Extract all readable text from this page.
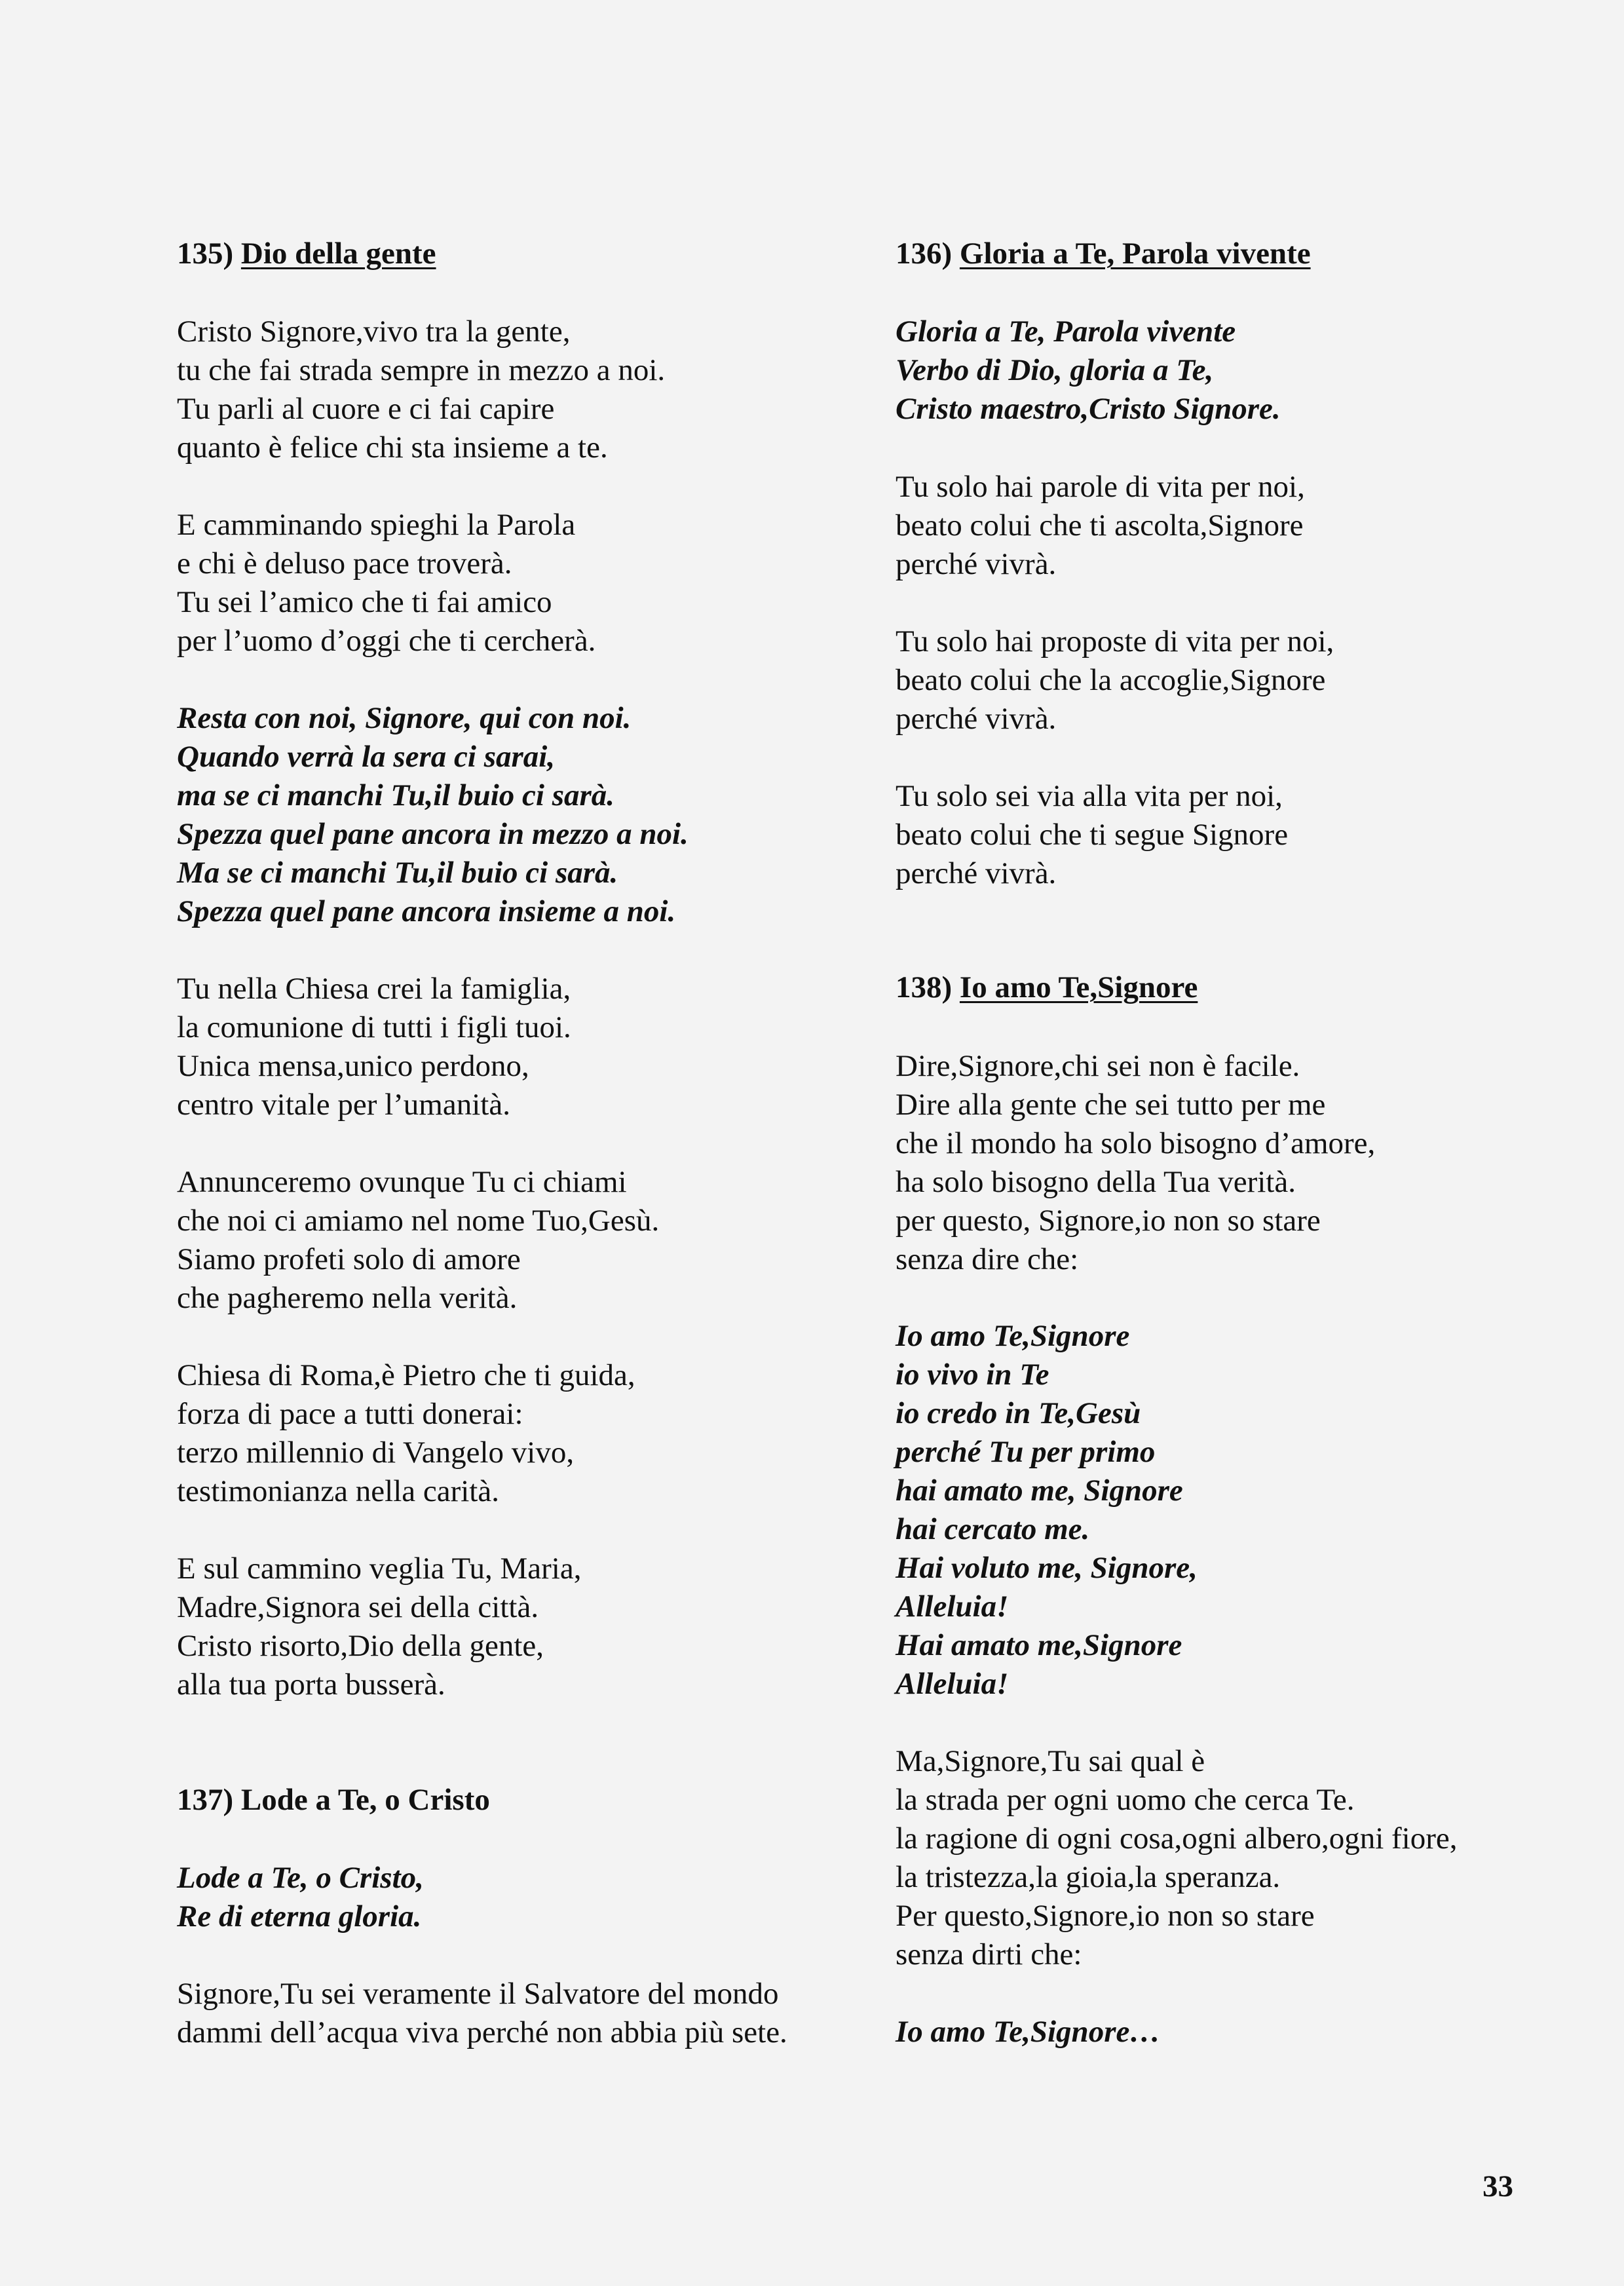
135) Dio della gente
Cristo Signore,vivo tra la gente,
tu che fai strada sempre in mezzo a noi.
Tu parli al cuore e ci fai capire
quanto è felice chi sta insieme a te.
E camminando spieghi la Parola
e chi è deluso pace troverà.
Tu sei l’amico che ti fai amico
per l’uomo d’oggi che ti cercherà.
Resta con noi, Signore, qui con noi.
Quando verrà la sera ci sarai,
ma se ci manchi Tu,il buio ci sarà.
Spezza quel pane ancora in mezzo a noi.
Ma se ci manchi Tu,il buio ci sarà.
Spezza quel pane ancora insieme a noi.
Tu nella Chiesa crei la famiglia,
la comunione di tutti i figli tuoi.
Unica mensa,unico perdono,
centro vitale per l’umanità.
Annunceremo ovunque Tu ci chiami
che noi ci amiamo nel nome Tuo,Gesù.
Siamo profeti solo di amore
che pagheremo nella verità.
Chiesa di Roma,è Pietro che ti guida,
forza di pace a tutti donerai:
terzo millennio di Vangelo vivo,
testimonianza nella carità.
E sul cammino veglia Tu, Maria,
Madre,Signora sei della città.
Cristo risorto,Dio della gente,
alla tua porta busserà.
137) Lode a Te, o Cristo
Lode a Te, o Cristo,
Re di eterna gloria.
Signore,Tu sei veramente il Salvatore del mondo
dammi dell’acqua viva perché non abbia più sete.
136) Gloria a Te, Parola vivente
Gloria a Te, Parola vivente
Verbo di Dio, gloria a Te,
Cristo maestro,Cristo Signore.
Tu solo hai parole di vita per noi,
beato colui che ti ascolta,Signore
perché vivrà.
Tu solo hai proposte di vita per noi,
beato colui che la accoglie,Signore
perché vivrà.
Tu solo sei via alla vita per noi,
beato colui che ti segue Signore
perché vivrà.
138) Io amo Te,Signore
Dire,Signore,chi sei non è facile.
Dire alla gente che sei tutto per me
che il mondo ha solo bisogno d’amore,
ha solo bisogno della Tua verità.
per questo, Signore,io non so stare
senza dire che:
Io amo Te,Signore
io vivo in Te
io credo in Te,Gesù
perché Tu per primo
hai amato me, Signore
hai cercato me.
Hai voluto me, Signore,
Alleluia!
Hai amato me,Signore
Alleluia!
Ma,Signore,Tu sai qual è
la strada per ogni uomo che cerca Te.
la ragione di ogni cosa,ogni albero,ogni fiore,
la tristezza,la gioia,la speranza.
Per questo,Signore,io non so stare
senza dirti che:
Io amo Te,Signore…
33
